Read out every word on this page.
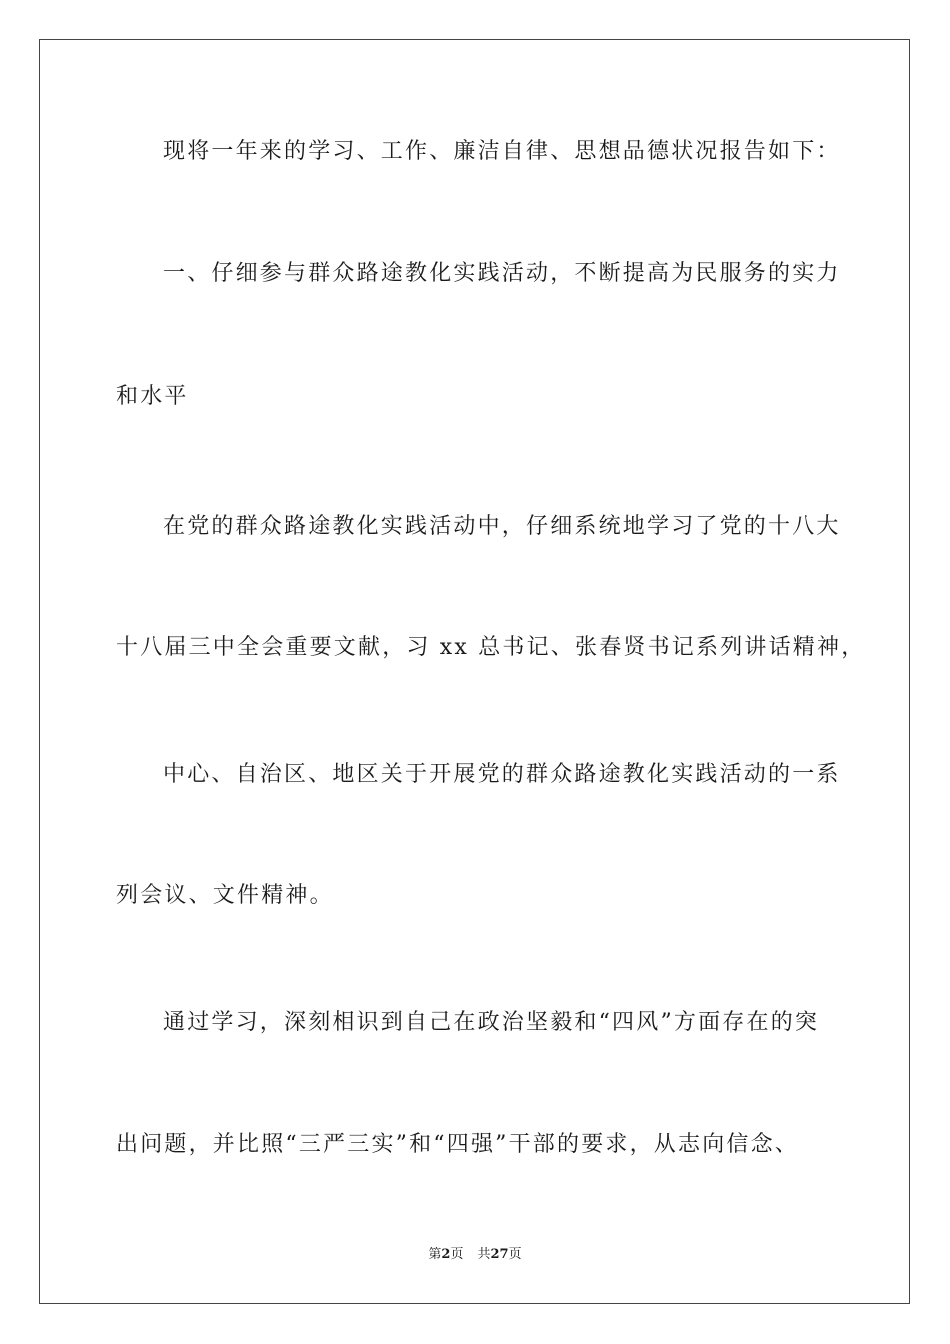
现将一年来的学习、工作、廉洁自律、思想品德状况报告如下：

一、仔细参与群众路途教化实践活动，不断提高为民服务的实力

和水平

在党的群众路途教化实践活动中，仔细系统地学习了党的十八大

十八届三中全会重要文献，习 xx 总书记、张春贤书记系列讲话精神，

中心、自治区、地区关于开展党的群众路途教化实践活动的一系

列会议、文件精神。

通过学习，深刻相识到自己在政治坚毅和“四风”方面存在的突

出问题，并比照“三严三实”和“四强”干部的要求，从志向信念、

第2页 共27页
